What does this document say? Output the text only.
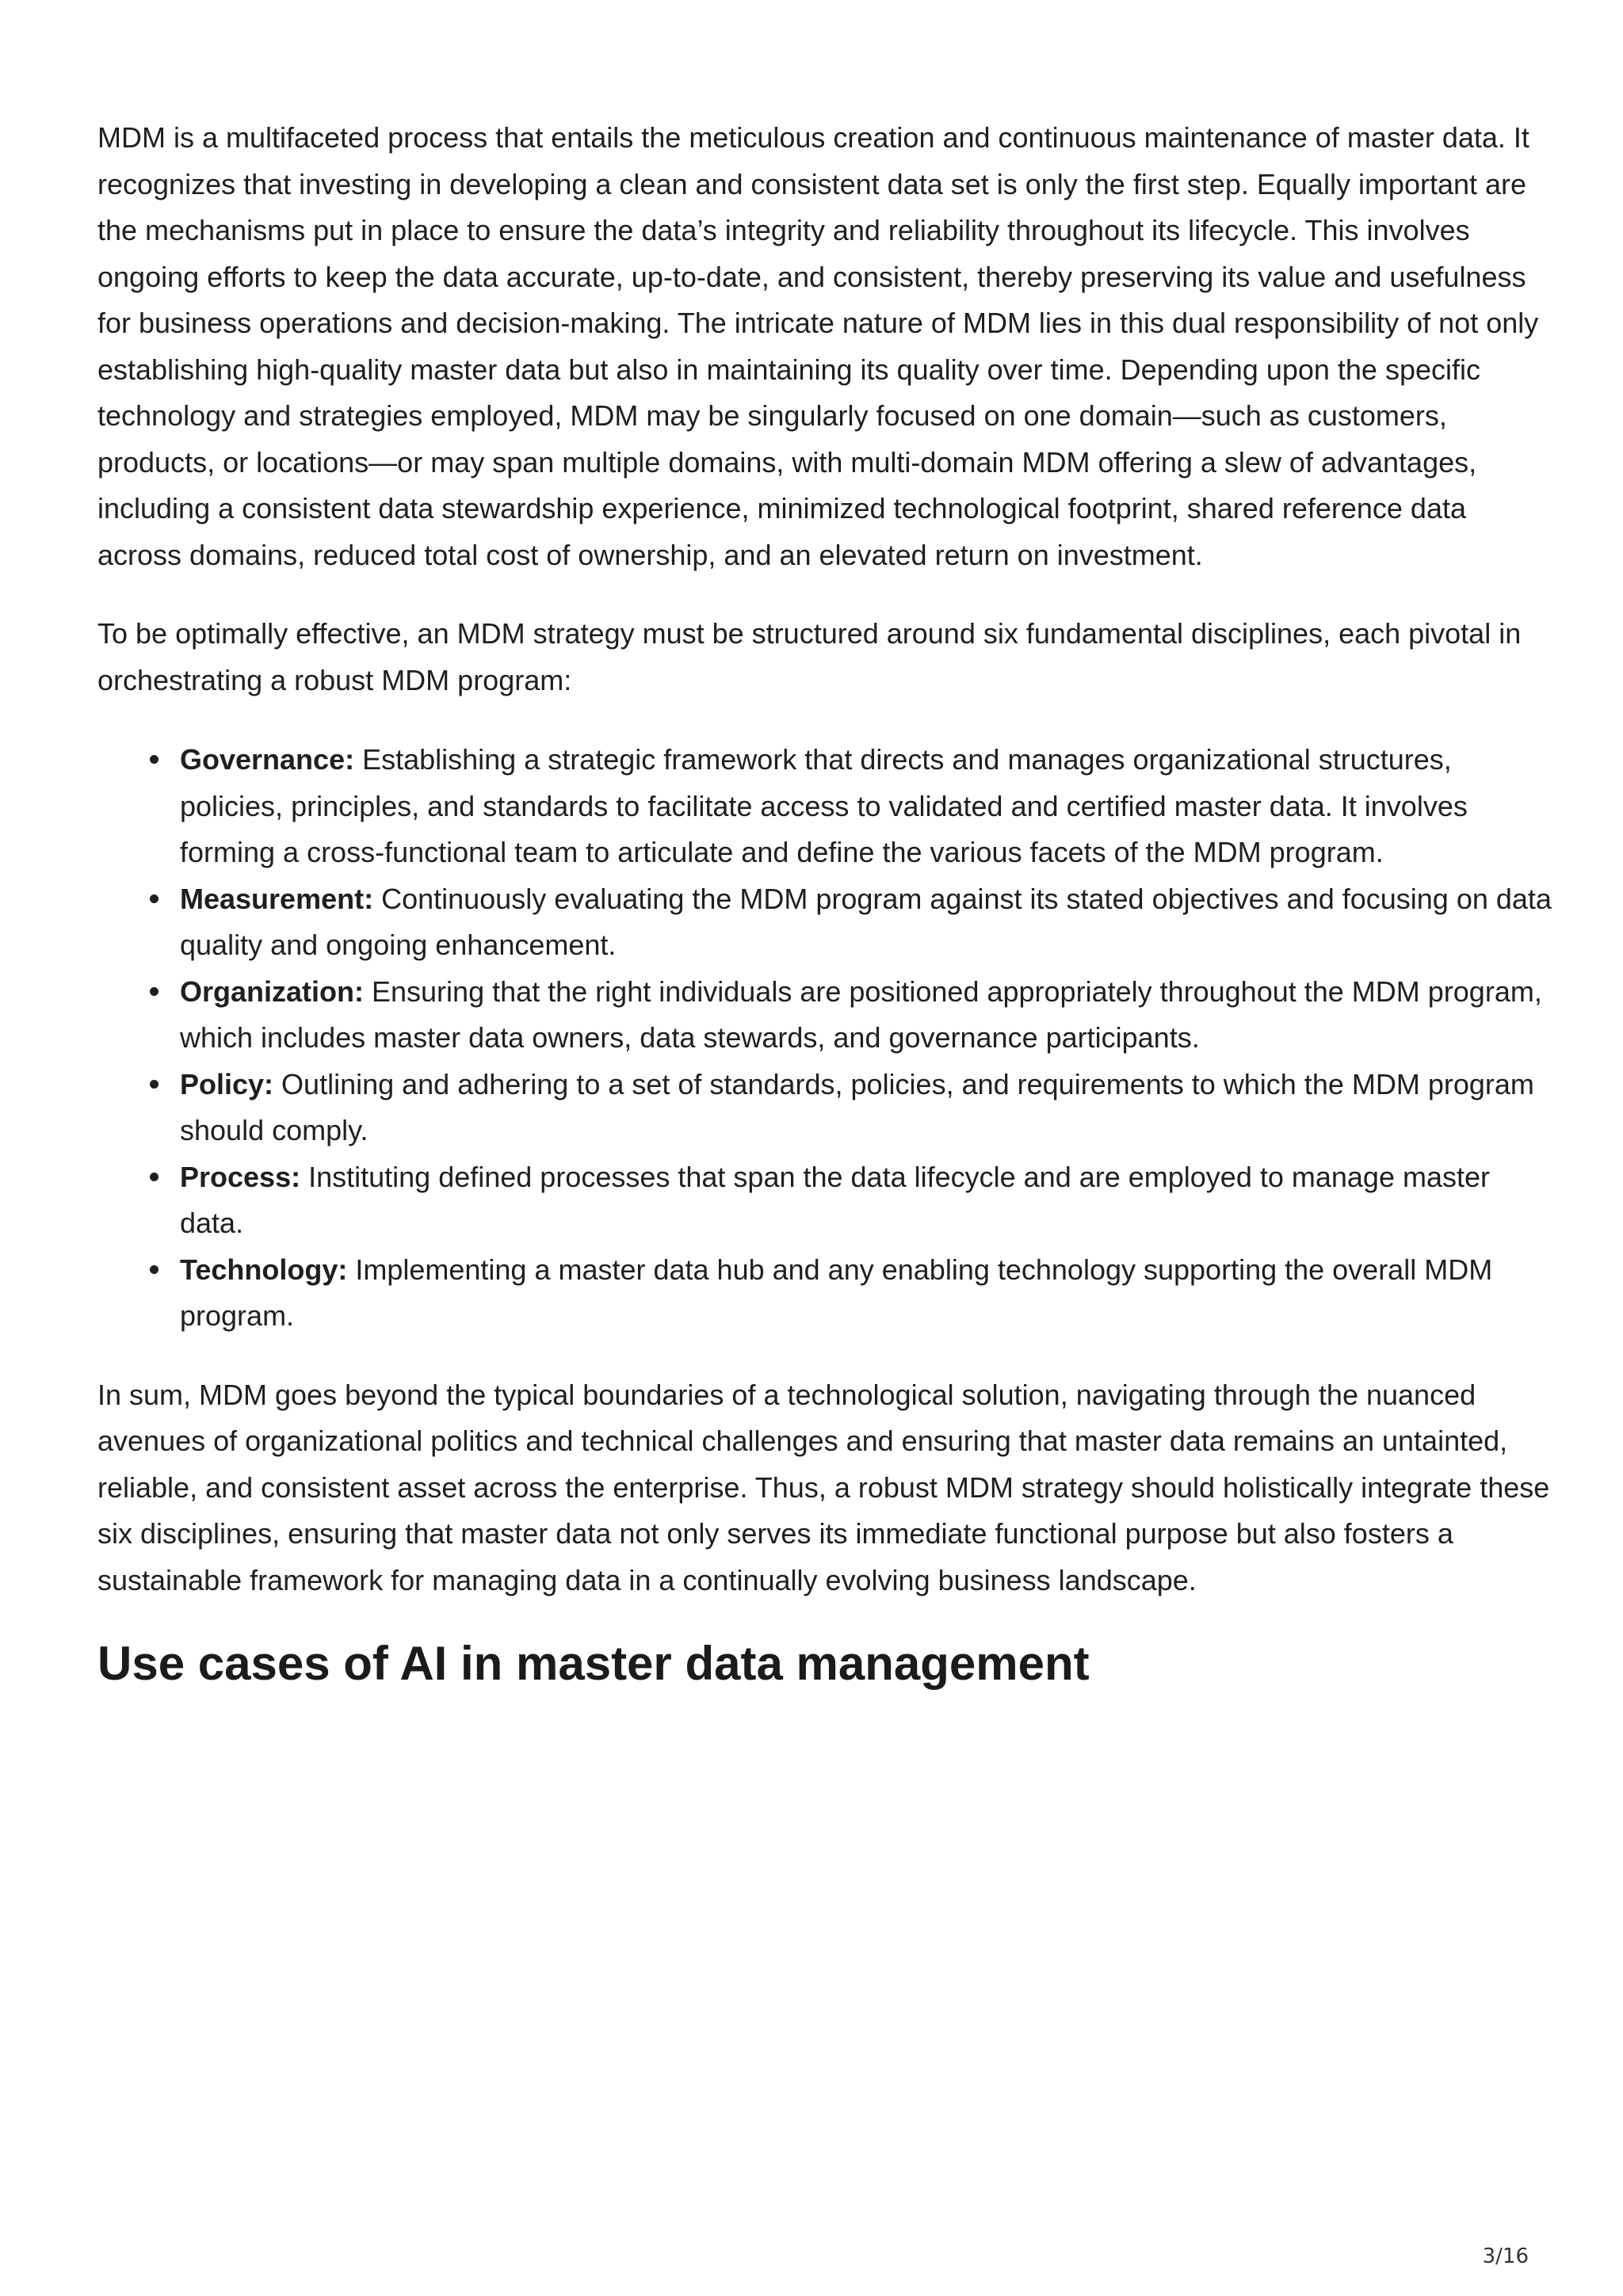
MDM is a multifaceted process that entails the meticulous creation and continuous maintenance of master data. It recognizes that investing in developing a clean and consistent data set is only the first step. Equally important are the mechanisms put in place to ensure the data’s integrity and reliability throughout its lifecycle. This involves ongoing efforts to keep the data accurate, up-to-date, and consistent, thereby preserving its value and usefulness for business operations and decision-making. The intricate nature of MDM lies in this dual responsibility of not only establishing high-quality master data but also in maintaining its quality over time. Depending upon the specific technology and strategies employed, MDM may be singularly focused on one domain—such as customers, products, or locations—or may span multiple domains, with multi-domain MDM offering a slew of advantages, including a consistent data stewardship experience, minimized technological footprint, shared reference data across domains, reduced total cost of ownership, and an elevated return on investment.

To be optimally effective, an MDM strategy must be structured around six fundamental disciplines, each pivotal in orchestrating a robust MDM program:

Governance: Establishing a strategic framework that directs and manages organizational structures, policies, principles, and standards to facilitate access to validated and certified master data. It involves forming a cross-functional team to articulate and define the various facets of the MDM program.
Measurement: Continuously evaluating the MDM program against its stated objectives and focusing on data quality and ongoing enhancement.
Organization: Ensuring that the right individuals are positioned appropriately throughout the MDM program, which includes master data owners, data stewards, and governance participants.
Policy: Outlining and adhering to a set of standards, policies, and requirements to which the MDM program should comply.
Process: Instituting defined processes that span the data lifecycle and are employed to manage master data.
Technology: Implementing a master data hub and any enabling technology supporting the overall MDM program.

In sum, MDM goes beyond the typical boundaries of a technological solution, navigating through the nuanced avenues of organizational politics and technical challenges and ensuring that master data remains an untainted, reliable, and consistent asset across the enterprise. Thus, a robust MDM strategy should holistically integrate these six disciplines, ensuring that master data not only serves its immediate functional purpose but also fosters a sustainable framework for managing data in a continually evolving business landscape.

Use cases of AI in master data management
3/16
